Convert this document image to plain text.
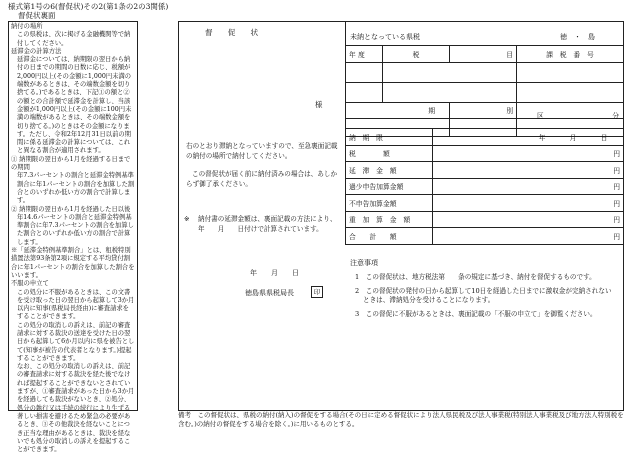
様式第1号の6(督促状)その2(第1条の2の3関係)
督促状裏面
納付の場所
この県税は、次に掲げる金融機関等で納付してください。
延滞金の計算方法
延滞金については、納期限の翌日から納付の日までの期間の日数に応じ、税額が2,000円以上(その金額に1,000円未満の端数があるときは、その端数金額を切り捨てる。)であるときは、下記①の額と②の額との合計額で延滞金を計算し、当該金額が1,000円以上(その金額に100円未満の端数があるときは、その端数金額を切り捨てる。)のときはその金額になります。ただし、令和2年12月31日以前の期間に係る延滞金の計算については、これと異なる割合が適用されます。
① 納期限の翌日から1月を経過する日までの期間
年7.3パーセントの割合と延滞金特例基準割合に年1パーセントの割合を加算した割合とのいずれか低い方の割合で計算します。
② 納期限の翌日から1月を経過した日以後
年14.6パーセントの割合と延滞金特例基準割合に年7.3パーセントの割合を加算した割合とのいずれか低い方の割合で計算します。
※「延滞金特例基準割合」とは、租税特別措置法第93条第2項に規定する平均貸付割合に年1パーセントの割合を加算した割合をいいます。
不服の申立て
この処分に不服があるときは、この文書を受け取った日の翌日から起算して3か月以内に知事(県税局長経由)に審査請求をすることができます。
この処分の取消しの訴えは、前記の審査請求に対する裁決の送達を受けた日の翌日から起算して6か月以内に県を被告として(知事が被告の代表者となります。)提起することができます。
なお、この処分の取消しの訴えは、前記の審査請求に対する裁決を経た後でなければ提起することができないとされていますが、①審査請求があった日から3か月を経過しても裁決がないとき、②処分、処分の執行又は手続の続行により生ずる著しい損害を避けるため緊急の必要があるとき、③その他裁決を経ないことにつき正当な理由があるときは、裁決を経ないでも処分の取消しの訴えを提起することができます。
督　　促　　状
様
右のとおり滞納となっていますので、至急裏面記載の納付の場所で納付してください。
この督促状が届く前に納付済みの場合は、あしからず御了承ください。
※	納付書の延滞金額は、裏面記載の方法により、　　　年　　月　　日付けで計算されています。
年　　月　　日
徳島県県税局長	印
未納となっている県税	徳　・　島
年 度	税	目	課　税　番　号

期		別	区 分

納　期　限	年 月 日
税　　　　額	円
延　滞　金　額	円
過少申告加算金額	円
不申告加算金額	円
重　加　算　金　額	円
合　　計　　額	円
注意事項
1　この督促状は、地方税法第　　条の規定に基づき、納付を督促するものです。
2　この督促状の発付の日から起算して10日を経過した日までに激収金が完納されないときは、滞納処分を受けることになります。
3　この督促に不服があるときは、裏面記載の「不服の申立て」を御覧ください。
備考　この督促状は、県税の納付(納入)の督促をする場合(その日に定める督促状により法人県民税及び法人事業税(特別法人事業税及び地方法人特別税を含む。)の納付の督促をする場合を除く。)に用いるものとする。
